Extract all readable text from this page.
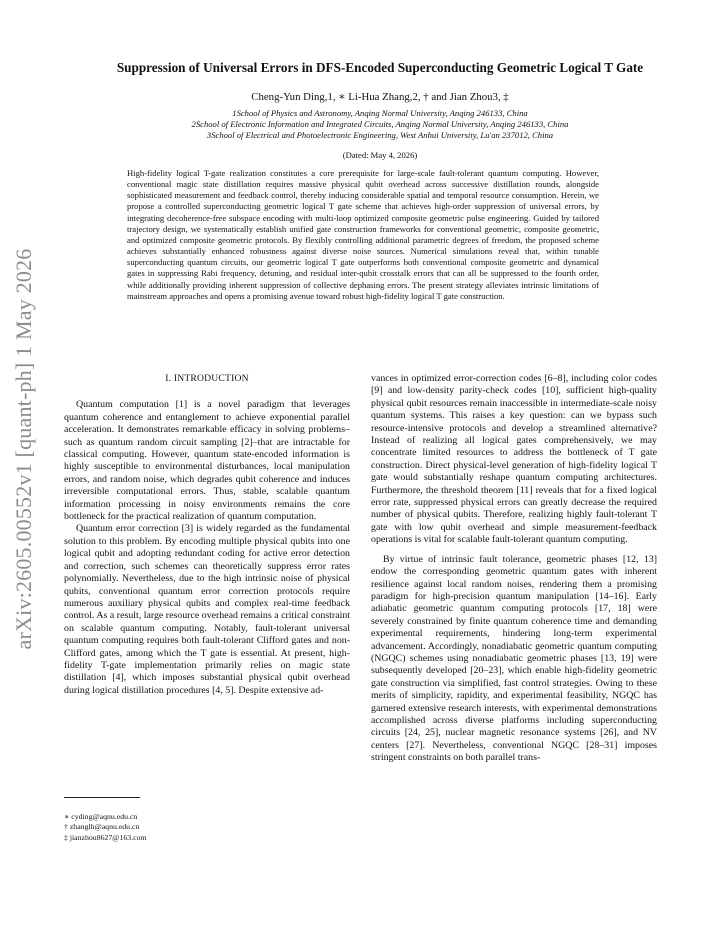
arXiv:2605.00552v1 [quant-ph] 1 May 2026
Suppression of Universal Errors in DFS-Encoded Superconducting Geometric Logical T Gate
Cheng-Yun Ding,1, ∗ Li-Hua Zhang,2, † and Jian Zhou3, ‡
1School of Physics and Astronomy, Anqing Normal University, Anqing 246133, China
2School of Electronic Information and Integrated Circuits, Anqing Normal University, Anqing 246133, China
3School of Electrical and Photoelectronic Engineering, West Anhui University, Lu'an 237012, China
(Dated: May 4, 2026)

High-fidelity logical T-gate realization constitutes a core prerequisite for large-scale fault-tolerant quantum computing. However, conventional magic state distillation requires massive physical qubit overhead across successive distillation rounds, alongside sophisticated measurement and feedback control, thereby inducing considerable spatial and temporal resource consumption. Herein, we propose a controlled superconducting geometric logical T gate scheme that achieves high-order suppression of universal errors, by integrating decoherence-free subspace encoding with multi-loop optimized composite geometric pulse engineering. Guided by tailored trajectory design, we systematically establish unified gate construction frameworks for conventional geometric, composite geometric, and optimized composite geometric protocols. By flexibly controlling additional parametric degrees of freedom, the proposed scheme achieves substantially enhanced robustness against diverse noise sources. Numerical simulations reveal that, within tunable superconducting quantum circuits, our geometric logical T gate outperforms both conventional composite geometric and dynamical gates in suppressing Rabi frequency, detuning, and residual inter-qubit crosstalk errors that can all be suppressed to the fourth order, while additionally providing inherent suppression of collective dephasing errors. The present strategy alleviates intrinsic limitations of mainstream approaches and opens a promising avenue toward robust high-fidelity logical T gate construction.

I. INTRODUCTION

Quantum computation [1] is a novel paradigm that leverages quantum coherence and entanglement to achieve exponential parallel acceleration. It demonstrates remarkable efficacy in solving problems–such as quantum random circuit sampling [2]–that are intractable for classical computing. However, quantum state-encoded information is highly susceptible to environmental disturbances, local manipulation errors, and random noise, which degrades qubit coherence and induces irreversible computational errors. Thus, stable, scalable quantum information processing in noisy environments remains the core bottleneck for the practical realization of quantum computation.

Quantum error correction [3] is widely regarded as the fundamental solution to this problem. By encoding multiple physical qubits into one logical qubit and adopting redundant coding for active error detection and correction, such schemes can theoretically suppress error rates polynomially. Nevertheless, due to the high intrinsic noise of physical qubits, conventional quantum error correction protocols require numerous auxiliary physical qubits and complex real-time feedback control. As a result, large resource overhead remains a critical constraint on scalable quantum computing. Notably, fault-tolerant universal quantum computing requires both fault-tolerant Clifford gates and non-Clifford gates, among which the T gate is essential. At present, high-fidelity T-gate implementation primarily relies on magic state distillation [4], which imposes substantial physical qubit overhead during logical distillation procedures [4, 5]. Despite extensive ad-

vances in optimized error-correction codes [6–8], including color codes [9] and low-density parity-check codes [10], sufficient high-quality physical qubit resources remain inaccessible in intermediate-scale noisy quantum systems. This raises a key question: can we bypass such resource-intensive protocols and develop a streamlined alternative? Instead of realizing all logical gates comprehensively, we may concentrate limited resources to address the bottleneck of T gate construction. Direct physical-level generation of high-fidelity logical T gate would substantially reshape quantum computing architectures. Furthermore, the threshold theorem [11] reveals that for a fixed logical error rate, suppressed physical errors can greatly decrease the required number of physical qubits. Therefore, realizing highly fault-tolerant T gate with low qubit overhead and simple measurement-feedback operations is vital for scalable fault-tolerant quantum computing.

By virtue of intrinsic fault tolerance, geometric phases [12, 13] endow the corresponding geometric quantum gates with inherent resilience against local random noises, rendering them a promising paradigm for high-precision quantum manipulation [14–16]. Early adiabatic geometric quantum computing protocols [17, 18] were severely constrained by finite quantum coherence time and demanding experimental requirements, hindering long-term experimental advancement. Accordingly, nonadiabatic geometric quantum computing (NGQC) schemes using nonadiabatic geometric phases [13, 19] were subsequently developed [20–23], which enable high-fidelity geometric gate construction via simplified, fast control strategies. Owing to these merits of simplicity, rapidity, and experimental feasibility, NGQC has garnered extensive research interests, with experimental demonstrations accomplished across diverse platforms including superconducting circuits [24, 25], nuclear magnetic resonance systems [26], and NV centers [27]. Nevertheless, conventional NGQC [28–31] imposes stringent constraints on both parallel trans-

∗ cyding@aqnu.edu.cn
† zhanglh@aqnu.edu.cn
‡ jianzhou8627@163.com
